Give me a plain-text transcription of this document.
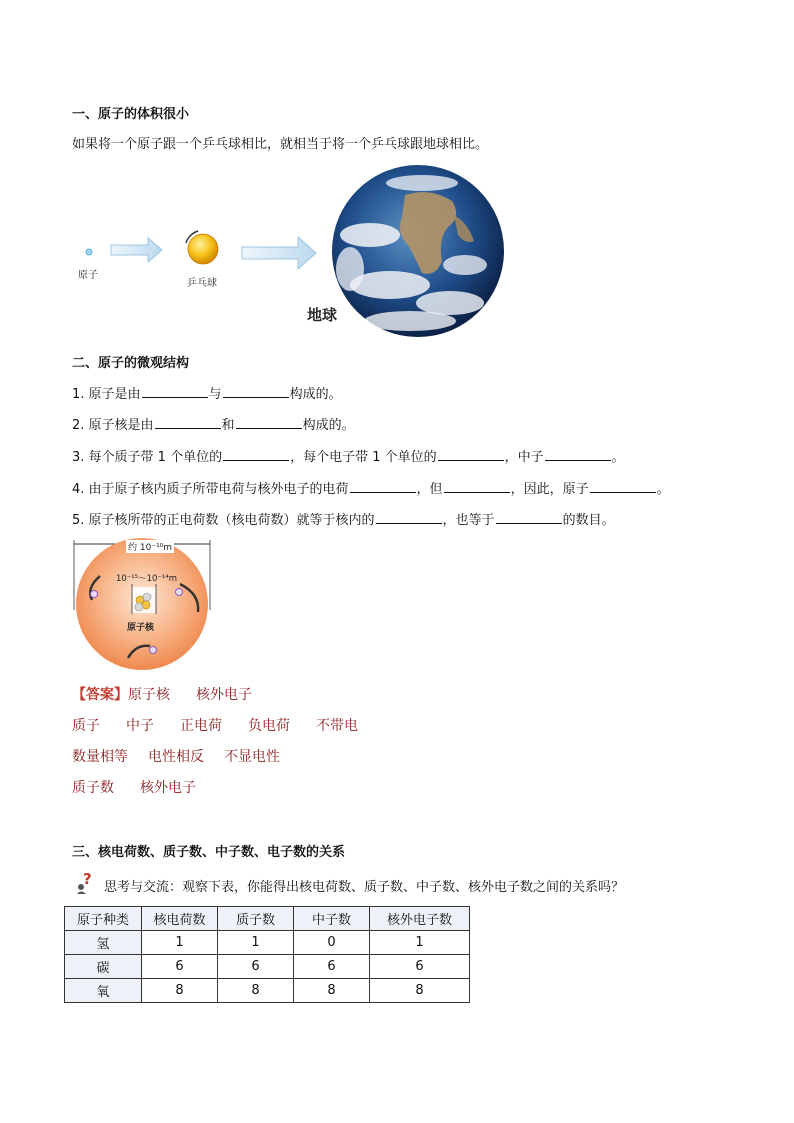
一、原子的体积很小
如果将一个原子跟一个乒乓球相比，就相当于将一个乒乓球跟地球相比。
原子
乒乓球
地球
二、原子的微观结构
1. 原子是由	与	构成的。
2. 原子核是由	和	构成的。
3. 每个质子带 1 个单位的	，每个电子带 1 个单位的	，中子	。
4. 由于原子核内质子所带电荷与核外电子的电荷	，但	，因此，原子	。
5. 原子核所带的正电荷数（核电荷数）就等于核内的	，也等于	的数目。
约 10⁻¹⁰m
10⁻¹⁵～10⁻¹⁴m
原子核
【答案】原子核 核外电子
质子 中子 正电荷 负电荷 不带电
数量相等 电性相反 不显电性
质子数 核外电子
三、核电荷数、质子数、中子数、电子数的关系
? 思考与交流：观察下表，你能得出核电荷数、质子数、中子数、核外电子数之间的关系吗？
原子种类	核电荷数	质子数	中子数	核外电子数
氢	1	1	0	1
碳	6	6	6	6
氧	8	8	8	8
